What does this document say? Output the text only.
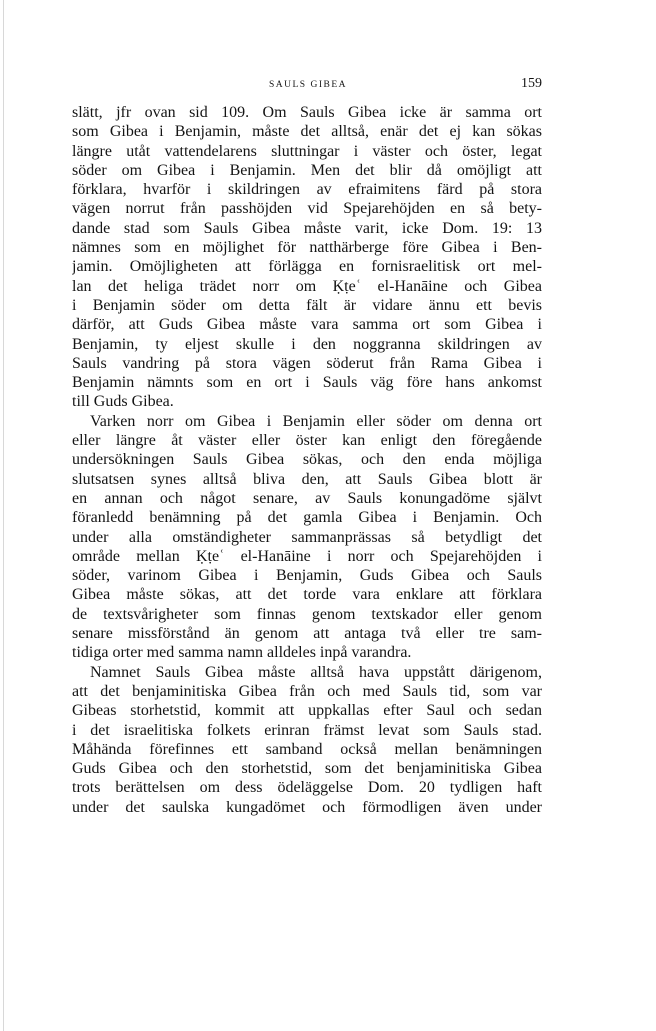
SAULS GIBEA	159
slätt, jfr ovan sid 109. Om Sauls Gibea icke är samma ort
som Gibea i Benjamin, måste det alltså, enär det ej kan sökas
längre utåt vattendelarens sluttningar i väster och öster, legat
söder om Gibea i Benjamin. Men det blir då omöjligt att
förklara, hvarför i skildringen av efraimitens färd på stora
vägen norrut från passhöjden vid Spejarehöjden en så bety-
dande stad som Sauls Gibea måste varit, icke Dom. 19: 13
nämnes som en möjlighet för natthärberge före Gibea i Ben-
jamin. Omöjligheten att förlägga en fornisraelitisk ort mel-
lan det heliga trädet norr om Ḳṭeʿ el-Hanāine och Gibea
i Benjamin söder om detta fält är vidare ännu ett bevis
därför, att Guds Gibea måste vara samma ort som Gibea i
Benjamin, ty eljest skulle i den noggranna skildringen av
Sauls vandring på stora vägen söderut från Rama Gibea i
Benjamin nämnts som en ort i Sauls väg före hans ankomst
till Guds Gibea.
Varken norr om Gibea i Benjamin eller söder om denna ort
eller längre åt väster eller öster kan enligt den föregående
undersökningen Sauls Gibea sökas, och den enda möjliga
slutsatsen synes alltså bliva den, att Sauls Gibea blott är
en annan och något senare, av Sauls konungadöme självt
föranledd benämning på det gamla Gibea i Benjamin. Och
under alla omständigheter sammanprässas så betydligt det
område mellan Ḳṭeʿ el-Hanāine i norr och Spejarehöjden i
söder, varinom Gibea i Benjamin, Guds Gibea och Sauls
Gibea måste sökas, att det torde vara enklare att förklara
de textsvårigheter som finnas genom textskador eller genom
senare missförstånd än genom att antaga två eller tre sam-
tidiga orter med samma namn alldeles inpå varandra.
Namnet Sauls Gibea måste alltså hava uppstått därigenom,
att det benjaminitiska Gibea från och med Sauls tid, som var
Gibeas storhetstid, kommit att uppkallas efter Saul och sedan
i det israelitiska folkets erinran främst levat som Sauls stad.
Måhända förefinnes ett samband också mellan benämningen
Guds Gibea och den storhetstid, som det benjaminitiska Gibea
trots berättelsen om dess ödeläggelse Dom. 20 tydligen haft
under det saulska kungadömet och förmodligen även under
